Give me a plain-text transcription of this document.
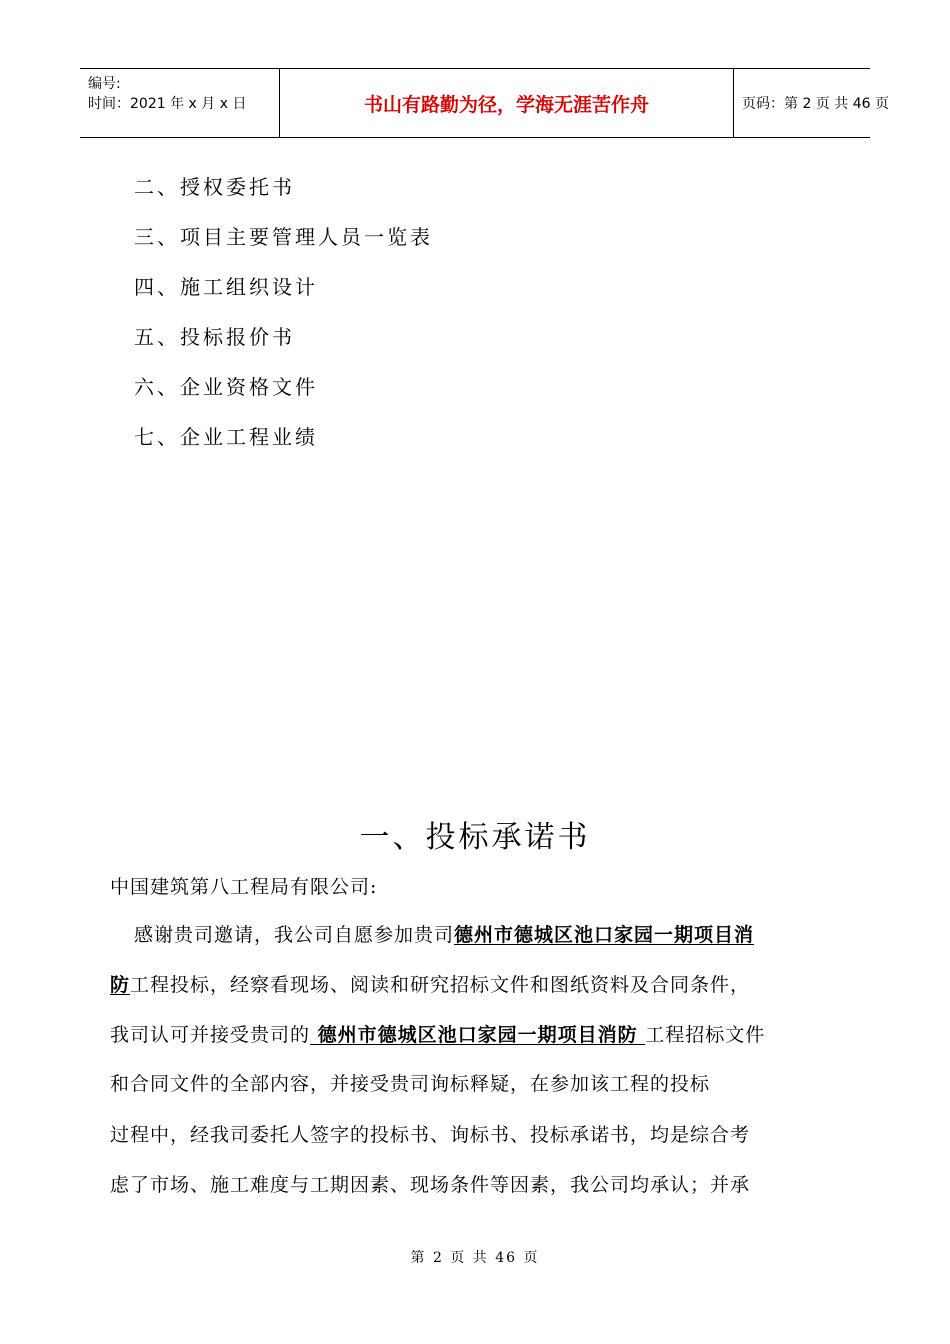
编号:
时间：2021 年 x 月 x 日	书山有路勤为径，学海无涯苦作舟	页码：第 2 页 共 46 页
二、授权委托书
三、项目主要管理人员一览表
四、施工组织设计
五、投标报价书
六、企业资格文件
七、企业工程业绩
一、投标承诺书
中国建筑第八工程局有限公司:
感谢贵司邀请，我公司自愿参加贵司德州市德城区池口家园一期项目消
防工程投标，经察看现场、阅读和研究招标文件和图纸资料及合同条件，
我司认可并接受贵司的 德州市德城区池口家园一期项目消防 工程招标文件
和合同文件的全部内容，并接受贵司询标释疑，在参加该工程的投标
过程中，经我司委托人签字的投标书、询标书、投标承诺书，均是综合考
虑了市场、施工难度与工期因素、现场条件等因素，我公司均承认；并承
第 2 页 共 46 页
